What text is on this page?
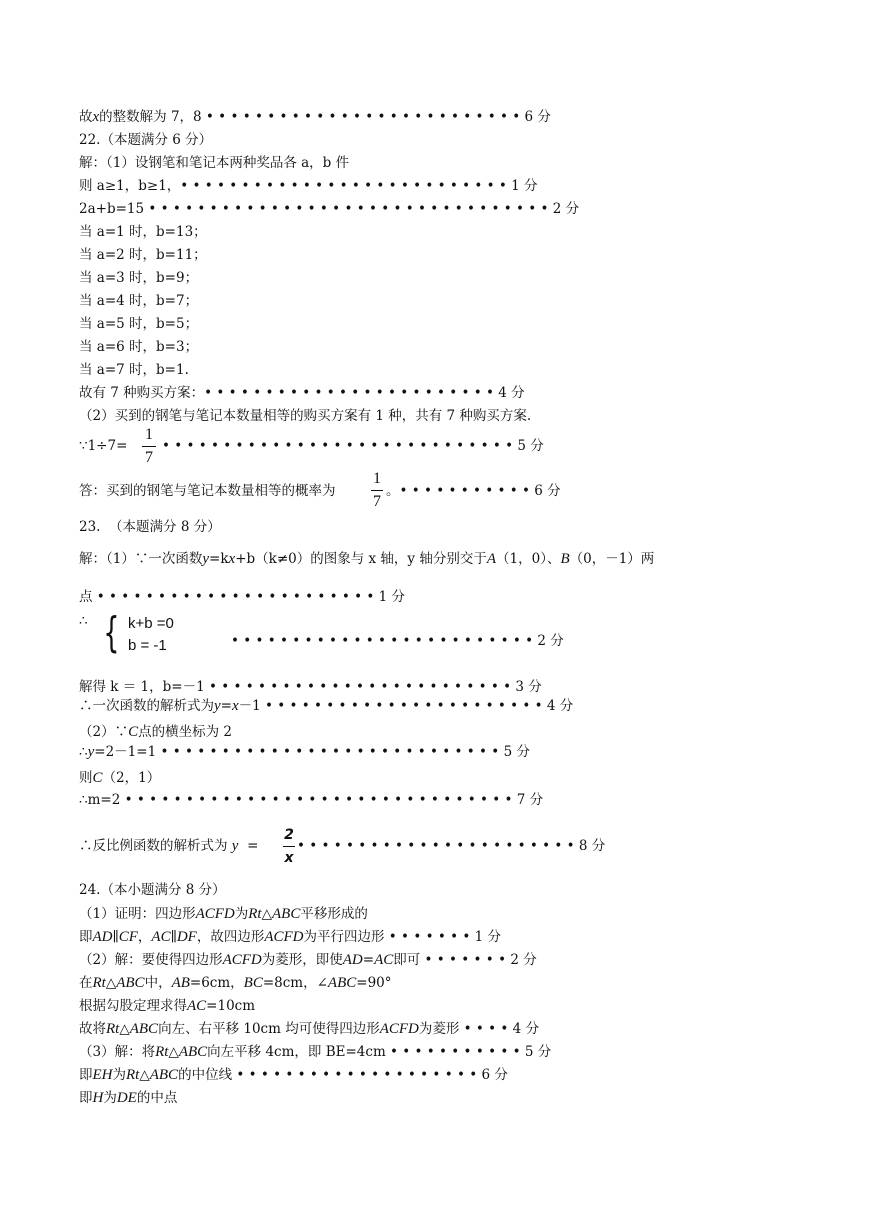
故x的整数解为 7，8 • • • • • • • • • • • • • • • • • • • • • • • • • • 6 分
22.（本题满分 6 分）
解：（1）设钢笔和笔记本两种奖品各 a，b 件
则 a≥1，b≥1，• • • • • • • • • • • • • • • • • • • • • • • • • • • 1 分
2a+b=15 • • • • • • • • • • • • • • • • • • • • • • • • • • • • • • • • • 2 分
当 a=1 时，b=13；
当 a=2 时，b=11；
当 a=3 时，b=9；
当 a=4 时，b=7；
当 a=5 时，b=5；
当 a=6 时，b=3；
当 a=7 时，b=1.
故有 7 种购买方案：• • • • • • • • • • • • • • • • • • • • • • • • 4 分
（2）买到的钢笔与笔记本数量相等的购买方案有 1 种，共有 7 种购买方案.
∵1÷7=
1
7
• • • • • • • • • • • • • • • • • • • • • • • • • • • • • 5 分
答：买到的钢笔与笔记本数量相等的概率为
1
7
。• • • • • • • • • • • 6 分
23.  （本题满分 8 分）
解：（1）∵一次函数y=kx+b（k≠0）的图象与 x 轴，y 轴分别交于A（1，0）、B（0，－1）两
点 • • • • • • • • • • • • • • • • • • • • • • • 1 分
∴ { k+b =0
b = -1	• • • • • • • • • • • • • • • • • • • • • • • • • 2 分
解得 k ＝ 1，b=－1 • • • • • • • • • • • • • • • • • • • • • • • • • 3 分
∴一次函数的解析式为y=x－1 • • • • • • • • • • • • • • • • • • • • • • • 4 分
（2）∵C点的横坐标为 2
∴y=2－1=1 • • • • • • • • • • • • • • • • • • • • • • • • • • • • 5 分
则C（2，1）
∴m=2 • • • • • • • • • • • • • • • • • • • • • • • • • • • • • • • • 7 分
∴反比例函数的解析式为 y =
2
x
• • • • • • • • • • • • • • • • • • • • • • • 8 分
24.（本小题满分 8 分）
（1）证明：四边形ACFD为Rt△ABC平移形成的
即AD∥CF，AC∥DF，故四边形ACFD为平行四边形 • • • • • • • 1 分
（2）解：要使得四边形ACFD为菱形，即使AD=AC即可 • • • • • • • 2 分
在Rt△ABC中，AB=6cm，BC=8cm，∠ABC=90°
根据勾股定理求得AC=10cm
故将Rt△ABC向左、右平移 10cm 均可使得四边形ACFD为菱形 • • • • 4 分
（3）解：将Rt△ABC向左平移 4cm，即 BE=4cm • • • • • • • • • • • 5 分
即EH为Rt△ABC的中位线 • • • • • • • • • • • • • • • • • • • • 6 分
即H为DE的中点
